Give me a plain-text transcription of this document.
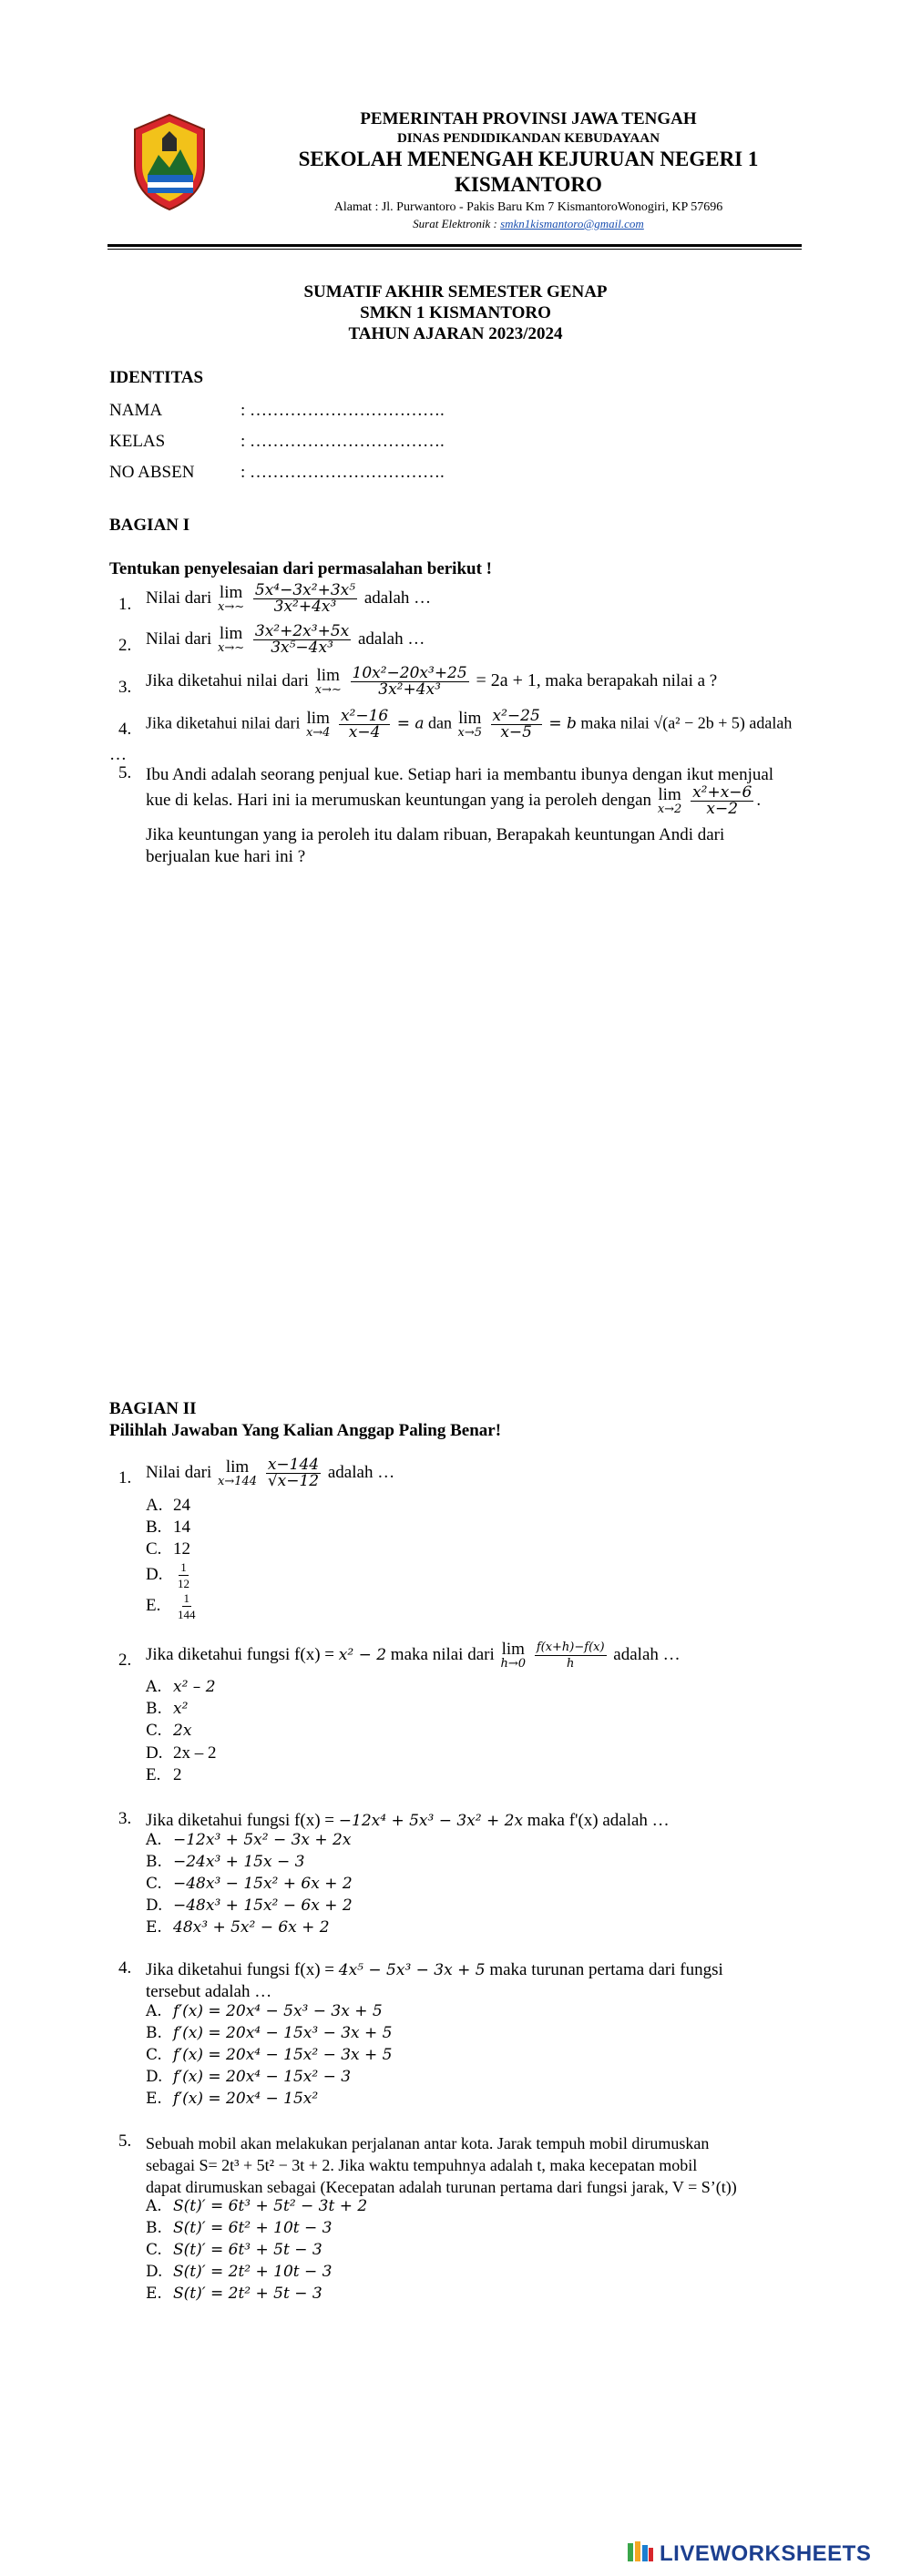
PEMERINTAH PROVINSI JAWA TENGAH
DINAS PENDIDIKANDAN KEBUDAYAAN
SEKOLAH MENENGAH KEJURUAN NEGERI 1
KISMANTORO
Alamat : Jl. Purwantoro - Pakis Baru Km 7 KismantoroWonogiri, KP 57696
Surat Elektronik : smkn1kismantoro@gmail.com
SUMATIF AKHIR SEMESTER GENAP
SMKN 1 KISMANTORO
TAHUN AJARAN 2023/2024
IDENTITAS
NAMA	: …………………………….
KELAS	: …………………………….
NO ABSEN	: …………………………….
BAGIAN I
Tentukan penyelesaian dari permasalahan berikut !
1. Nilai dari lim
x→∼
$\frac{\text{5x⁴−3x²+3x⁵}}{\text{3x²+4x³}}$ adalah …
2. Nilai dari lim
x→∼
$\frac{\text{3x²+2x³+5x}}{\text{3x⁵−4x³}}$ adalah …
3. Jika diketahui nilai dari lim
x→∼
$\frac{\text{10x²−20x³+25}}{\text{3x²+4x³}} = 2a + 1$, maka berapakah nilai a ?
4. Jika diketahui nilai dari lim
x→4
$\frac{\text{x²−16}}{x-4} = a$ dan lim
x→5
$\frac{\text{x²−25}}{x-5} = b$ maka nilai √(a² − 2b + 5) adalah
…
5. Ibu Andi adalah seorang penjual kue. Setiap hari ia membantu ibunya dengan ikut menjual
kue di kelas. Hari ini ia merumuskan keuntungan yang ia peroleh dengan lim
x→2
$\frac{\text{x²+x−6}}{x-2}$ .
Jika keuntungan yang ia peroleh itu dalam ribuan, Berapakah keuntungan Andi dari
berjualan kue hari ini ?
BAGIAN II
Pilihlah Jawaban Yang Kalian Anggap Paling Benar!
1. Nilai dari lim
x→144
$\frac{x-144}{√x-12}$ adalah …
A. 24
B. 14
C. 12
D. $\frac{1}{12}$
E. $\frac{1}{144}$
2. Jika diketahui fungsi f(x) = x² − 2 maka nilai dari lim
h→0
$\frac{f(x+h)-f(x)}{h}$ adalah …
A. x² – 2
B. x²
C. 2x
D. 2x – 2
E. 2
3. Jika diketahui fungsi f(x) = −12x⁴ + 5x³ − 3x² + 2x maka f'(x) adalah …
A. −12x³ + 5x² − 3x + 2x
B. −24x³ + 15x − 3
C. −48x³ − 15x² + 6x + 2
D. −48x³ + 15x² − 6x + 2
E. 48x³ + 5x² − 6x + 2
4. Jika diketahui fungsi f(x) = 4x⁵ − 5x³ − 3x + 5 maka turunan pertama dari fungsi
tersebut adalah …
A. f′(x) = 20x⁴ − 5x³ − 3x + 5
B. f′(x) = 20x⁴ − 15x³ − 3x + 5
C. f′(x) = 20x⁴ − 15x² − 3x + 5
D. f′(x) = 20x⁴ − 15x² − 3
E. f′(x) = 20x⁴ − 15x²
5. Sebuah mobil akan melakukan perjalanan antar kota. Jarak tempuh mobil dirumuskan
sebagai S= 2t³ + 5t² − 3t + 2. Jika waktu tempuhnya adalah t, maka kecepatan mobil
dapat dirumuskan sebagai (Kecepatan adalah turunan pertama dari fungsi jarak, V = S’(t))
A. S(t)′ = 6t³ + 5t² − 3t + 2
B. S(t)′ = 6t² + 10t − 3
C. S(t)′ = 6t³ + 5t − 3
D. S(t)′ = 2t² + 10t − 3
E. S(t)′ = 2t² + 5t − 3
LIVEWORKSHEETS
